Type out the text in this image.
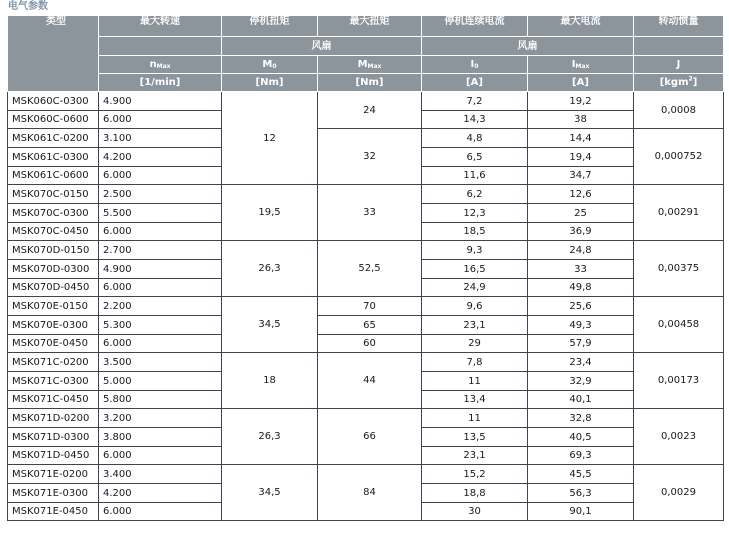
电气参数
类型	最大转速	停机扭矩	最大扭矩	停机连续电流	最大电流	转动惯量
		风扇		风扇		
	$n_{Max}$	$M_0$	$M_{Max}$	$I_0$	$I_{Max}$	J
	[1/min]	[Nm]	[Nm]	[A]	[A]	[kgm$^2$]
MSK060C-0300	4.900	12	24	7,2	19,2	0,0008
MSK060C-0600	6.000			14,3	38	
MSK061C-0200	3.100		32	4,8	14,4	0,000752
MSK061C-0300	4.200			6,5	19,4	
MSK061C-0600	6.000			11,6	34,7	
MSK070C-0150	2.500	19,5	33	6,2	12,6	0,00291
MSK070C-0300	5.500			12,3	25	
MSK070C-0450	6.000			18,5	36,9	
MSK070D-0150	2.700	26,3	52,5	9,3	24,8	0,00375
MSK070D-0300	4.900			16,5	33	
MSK070D-0450	6.000			24,9	49,8	
MSK070E-0150	2.200	34,5	70	9,6	25,6	0,00458
MSK070E-0300	5.300		65	23,1	49,3	
MSK070E-0450	6.000		60	29	57,9	
MSK071C-0200	3.500	18	44	7,8	23,4	0,00173
MSK071C-0300	5.000			11	32,9	
MSK071C-0450	5.800			13,4	40,1	
MSK071D-0200	3.200	26,3	66	11	32,8	0,0023
MSK071D-0300	3.800			13,5	40,5	
MSK071D-0450	6.000			23,1	69,3	
MSK071E-0200	3.400	34,5	84	15,2	45,5	0,0029
MSK071E-0300	4.200			18,8	56,3	
MSK071E-0450	6.000			30	90,1	
